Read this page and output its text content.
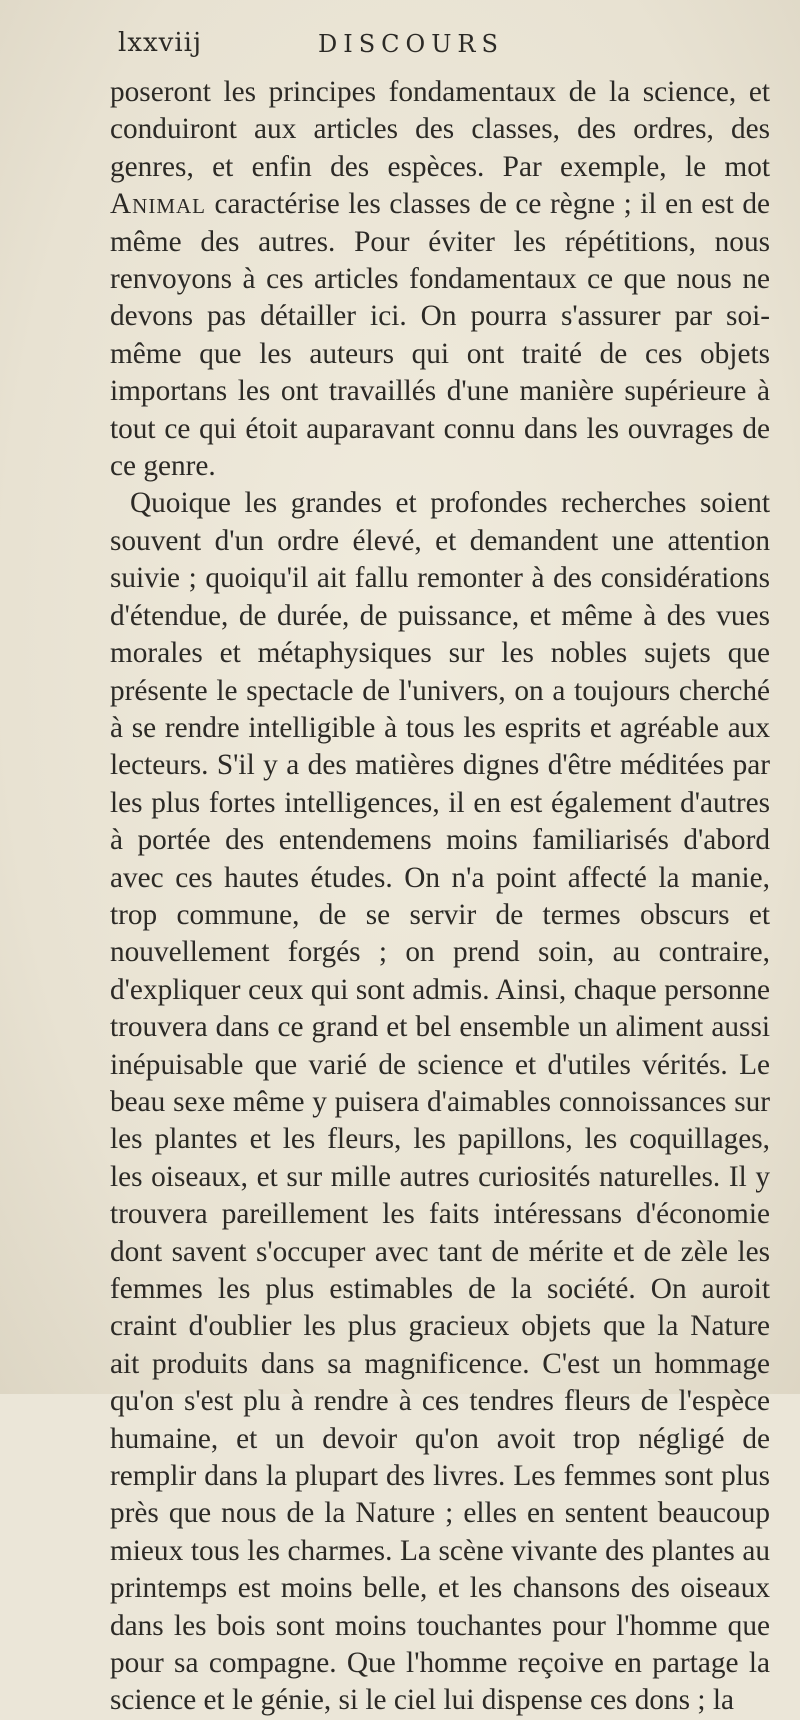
lxxviij	DISCOURS

poseront les principes fondamentaux de la science, et conduiront aux articles des classes, des ordres, des genres, et enfin des espèces. Par exemple, le mot Animal caractérise les classes de ce règne ; il en est de même des autres. Pour éviter les répétitions, nous renvoyons à ces articles fondamentaux ce que nous ne devons pas détailler ici. On pourra s'assurer par soi-même que les auteurs qui ont traité de ces objets importans les ont travaillés d'une manière supérieure à tout ce qui étoit auparavant connu dans les ouvrages de ce genre.

Quoique les grandes et profondes recherches soient souvent d'un ordre élevé, et demandent une attention suivie ; quoiqu'il ait fallu remonter à des considérations d'étendue, de durée, de puissance, et même à des vues morales et métaphysiques sur les nobles sujets que présente le spectacle de l'univers, on a toujours cherché à se rendre intelligible à tous les esprits et agréable aux lecteurs. S'il y a des matières dignes d'être méditées par les plus fortes intelligences, il en est également d'autres à portée des entendemens moins familiarisés d'abord avec ces hautes études. On n'a point affecté la manie, trop commune, de se servir de termes obscurs et nouvellement forgés ; on prend soin, au contraire, d'expliquer ceux qui sont admis. Ainsi, chaque personne trouvera dans ce grand et bel ensemble un aliment aussi inépuisable que varié de science et d'utiles vérités. Le beau sexe même y puisera d'aimables connoissances sur les plantes et les fleurs, les papillons, les coquillages, les oiseaux, et sur mille autres curiosités naturelles. Il y trouvera pareillement les faits intéressans d'économie dont savent s'occuper avec tant de mérite et de zèle les femmes les plus estimables de la société. On auroit craint d'oublier les plus gracieux objets que la Nature ait produits dans sa magnificence. C'est un hommage qu'on s'est plu à rendre à ces tendres fleurs de l'espèce humaine, et un devoir qu'on avoit trop négligé de remplir dans la plupart des livres. Les femmes sont plus près que nous de la Nature ; elles en sentent beaucoup mieux tous les charmes. La scène vivante des plantes au printemps est moins belle, et les chansons des oiseaux dans les bois sont moins touchantes pour l'homme que pour sa compagne. Que l'homme reçoive en partage la science et le génie, si le ciel lui dispense ces dons ; la
